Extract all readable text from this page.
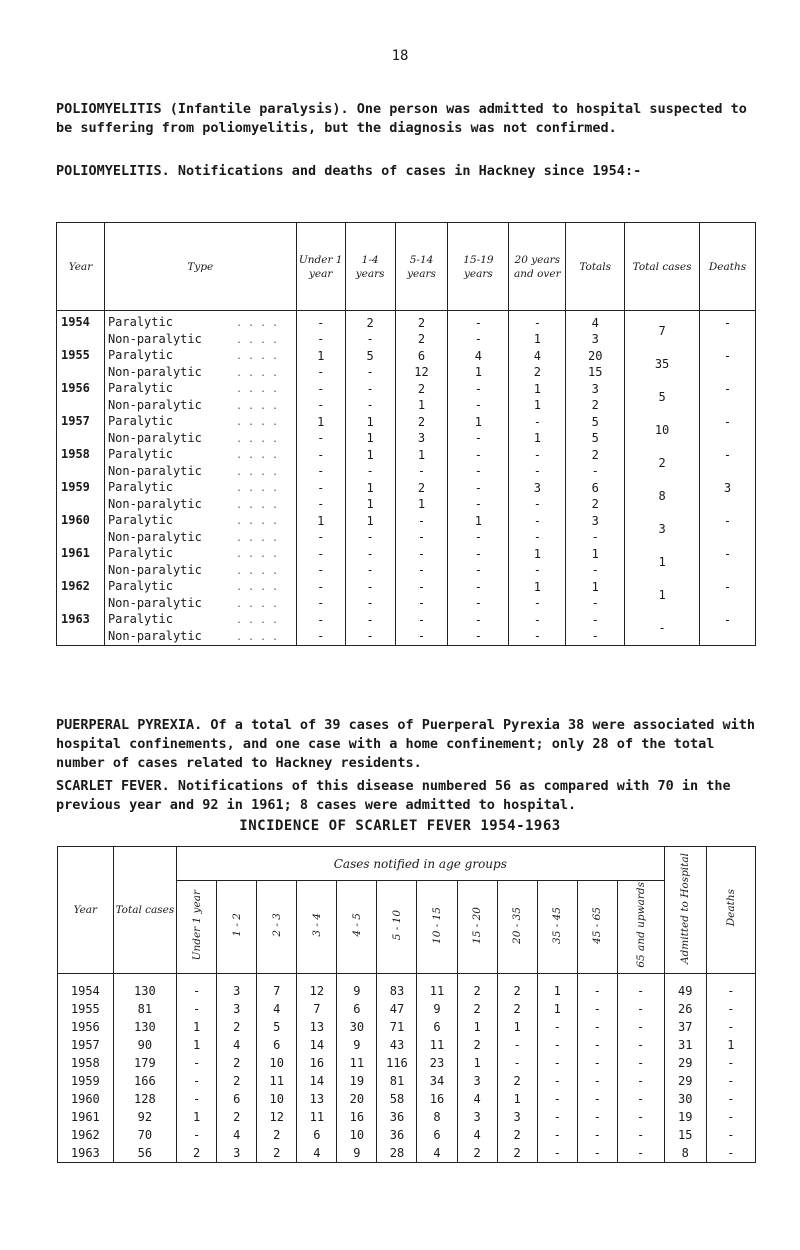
18
POLIOMYELITIS (Infantile paralysis). One person was admitted to hospital suspected to be suffering from poliomyelitis, but the diagnosis was not confirmed.
POLIOMYELITIS. Notifications and deaths of cases in Hackney since 1954:-
Year	Type	Under 1 year	1-4 years	5-14 years	15-19 years	20 years and over	Totals	Total cases	Deaths
1954	Paralytic . . . .	-	2	2	-	-	4	7	-
	Non-paralytic . . . .	-	-	2	-	1	3		
1955	Paralytic . . . .	1	5	6	4	4	20	35	-
	Non-paralytic . . . .	-	-	12	1	2	15		
1956	Paralytic . . . .	-	-	2	-	1	3	5	-
	Non-paralytic . . . .	-	-	1	-	1	2		
1957	Paralytic . . . .	1	1	2	1	-	5	10	-
	Non-paralytic . . . .	-	1	3	-	1	5		
1958	Paralytic . . . .	-	1	1	-	-	2	2	-
	Non-paralytic . . . .	-	-	-	-	-	-		
1959	Paralytic . . . .	-	1	2	-	3	6	8	3
	Non-paralytic . . . .	-	1	1	-	-	2		
1960	Paralytic . . . .	1	1	-	1	-	3	3	-
	Non-paralytic . . . .	-	-	-	-	-	-		
1961	Paralytic . . . .	-	-	-	-	1	1	1	-
	Non-paralytic . . . .	-	-	-	-	-	-		
1962	Paralytic . . . .	-	-	-	-	1	1	1	-
	Non-paralytic . . . .	-	-	-	-	-	-		
1963	Paralytic . . . .	-	-	-	-	-	-	-	-
	Non-paralytic . . . .	-	-	-	-	-	-		
PUERPERAL PYREXIA. Of a total of 39 cases of Puerperal Pyrexia 38 were associated with hospital confinements, and one case with a home confinement; only 28 of the total number of cases related to Hackney residents.
SCARLET FEVER. Notifications of this disease numbered 56 as compared with 70 in the previous year and 92 in 1961; 8 cases were admitted to hospital.
INCIDENCE OF SCARLET FEVER 1954-1963
Year	Total cases	Cases notified in age groups												Admitted to Hospital	Deaths
		Under 1 year	1 - 2	2 - 3	3 - 4	4 - 5	5 - 10	10 - 15	15 - 20	20 - 35	35 - 45	45 - 65	65 and upwards		
1954	130	-	3	7	12	9	83	11	2	2	1	-	-	49	-
1955	81	-	3	4	7	6	47	9	2	2	1	-	-	26	-
1956	130	1	2	5	13	30	71	6	1	1	-	-	-	37	-
1957	90	1	4	6	14	9	43	11	2	-	-	-	-	31	1
1958	179	-	2	10	16	11	116	23	1	-	-	-	-	29	-
1959	166	-	2	11	14	19	81	34	3	2	-	-	-	29	-
1960	128	-	6	10	13	20	58	16	4	1	-	-	-	30	-
1961	92	1	2	12	11	16	36	8	3	3	-	-	-	19	-
1962	70	-	4	2	6	10	36	6	4	2	-	-	-	15	-
1963	56	2	3	2	4	9	28	4	2	2	-	-	-	8	-
